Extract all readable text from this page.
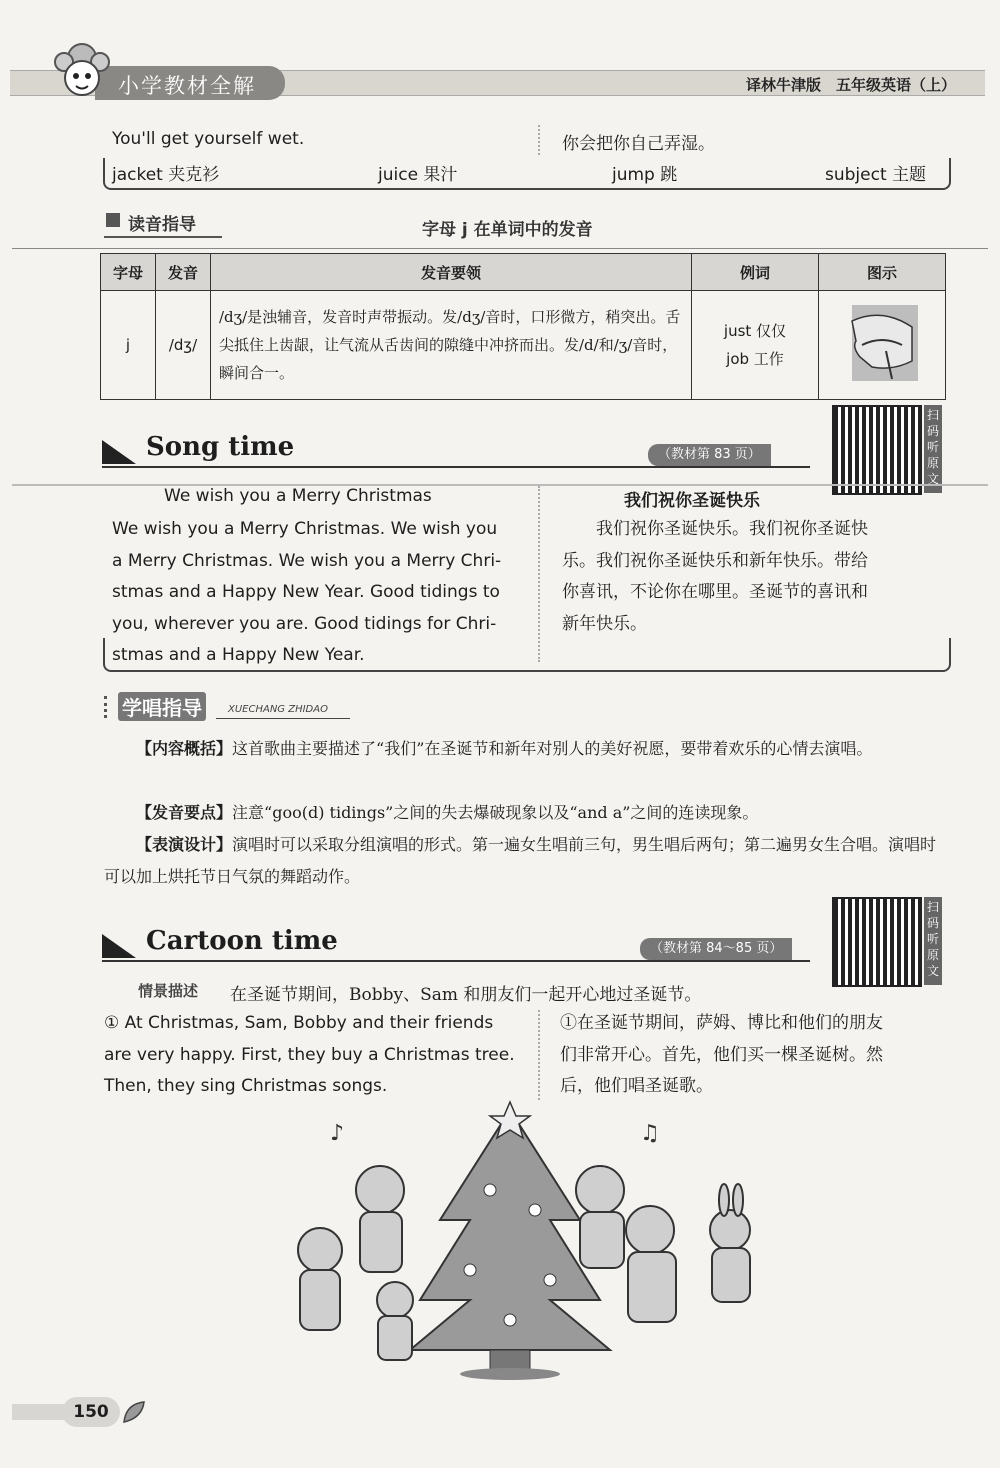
小学教材全解	译林牛津版　五年级英语（上）
You'll get yourself wet.	你会把你自己弄湿。
jacket 夹克衫	juice 果汁	jump 跳	subject 主题
读音指导	字母 j 在单词中的发音
字母	发音	发音要领	例词	图示
j	/dʒ/	/dʒ/是浊辅音，发音时声带振动。发/dʒ/音时，口形微方，稍突出。舌尖抵住上齿龈，让气流从舌齿间的隙缝中冲挤而出。发/d/和/ʒ/音时，瞬间合一。	just 仅仅
job 工作

扫码听原文
Song time	（教材第 83 页）
We wish you a Merry Christmas	我们祝你圣诞快乐
We wish you a Merry Christmas. We wish you
a Merry Christmas. We wish you a Merry Chri-
stmas and a Happy New Year. Good tidings to
you, wherever you are. Good tidings for Chri-
stmas and a Happy New Year.
我们祝你圣诞快乐。我们祝你圣诞快
乐。我们祝你圣诞快乐和新年快乐。带给
你喜讯，不论你在哪里。圣诞节的喜讯和
新年快乐。
学唱指导	XUECHANG ZHIDAO
【内容概括】这首歌曲主要描述了“我们”在圣诞节和新年对别人的美好祝愿，要带着欢乐的心情去演唱。
【发音要点】注意“goo(d) tidings”之间的失去爆破现象以及“and a”之间的连读现象。
【表演设计】演唱时可以采取分组演唱的形式。第一遍女生唱前三句，男生唱后两句；第二遍男女生合唱。演唱时可以加上烘托节日气氛的舞蹈动作。
扫码听原文
Cartoon time	（教材第 84～85 页）
情景描述 在圣诞节期间，Bobby、Sam 和朋友们一起开心地过圣诞节。
① At Christmas, Sam, Bobby and their friends
are very happy. First, they buy a Christmas tree.
Then, they sing Christmas songs.
①在圣诞节期间，萨姆、博比和他们的朋友
们非常开心。首先，他们买一棵圣诞树。然
后，他们唱圣诞歌。
♪	♫
150
